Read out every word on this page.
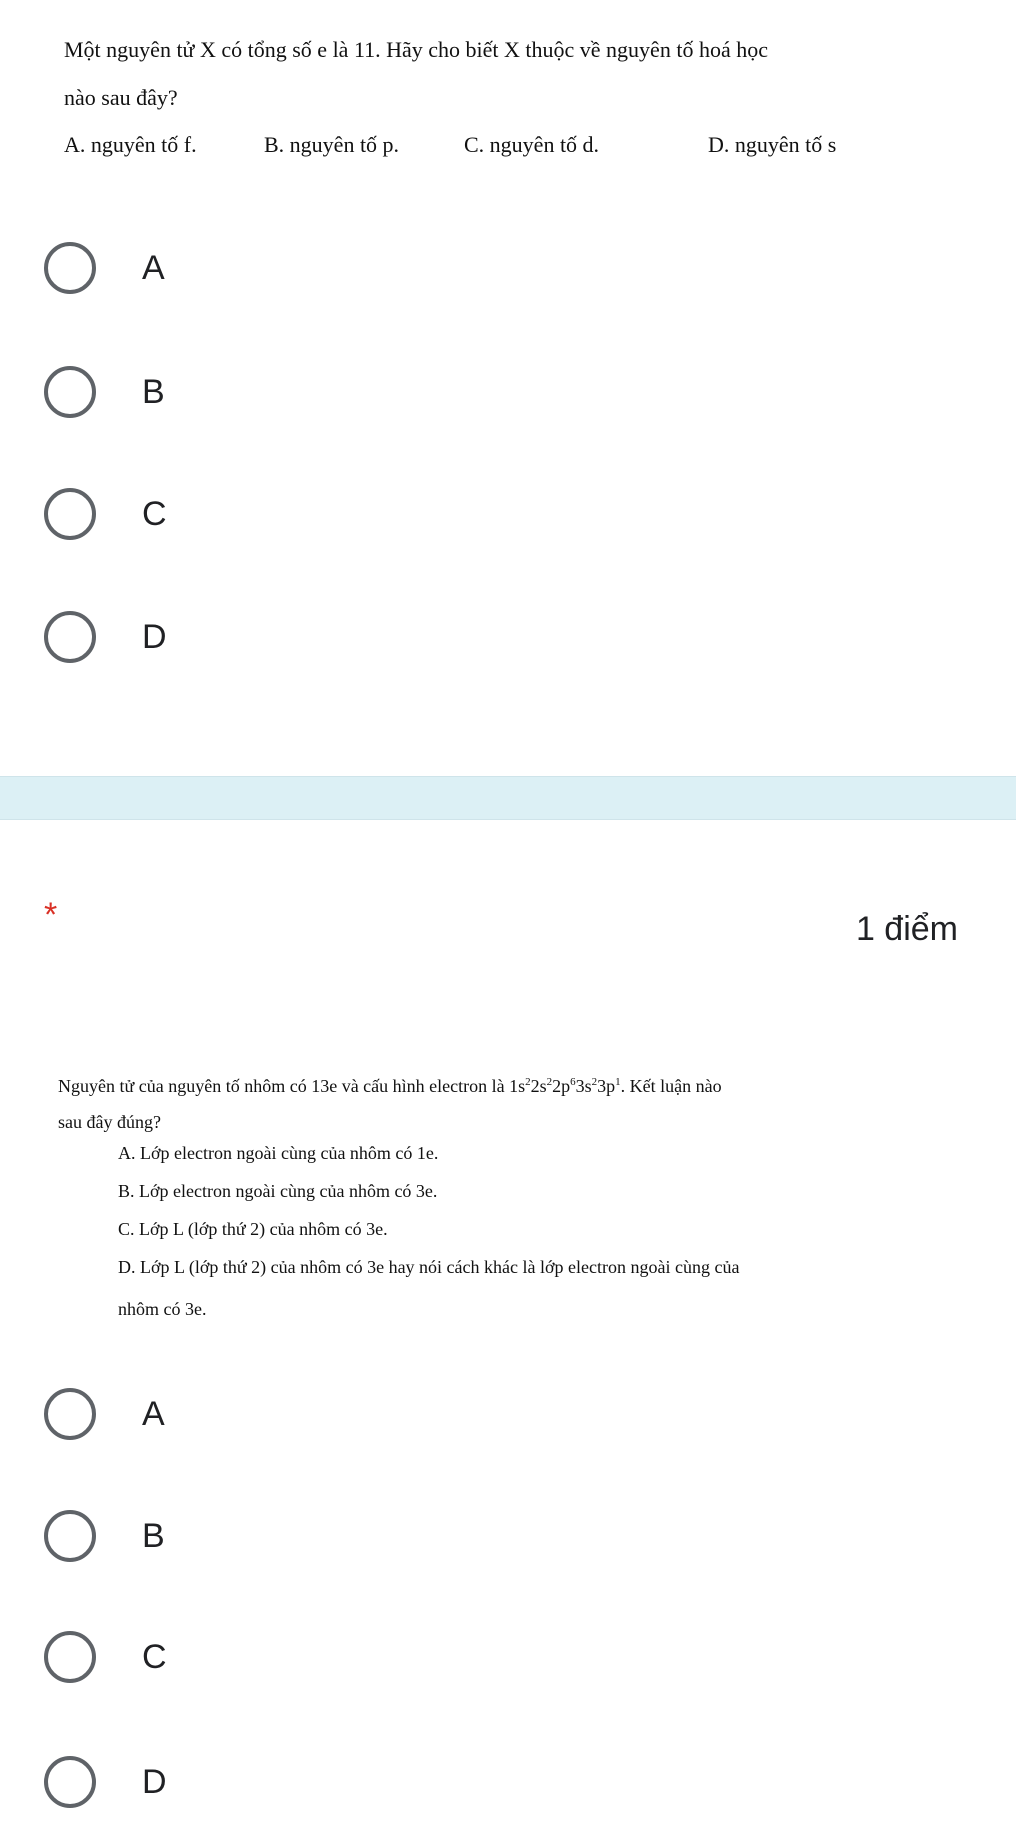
Một nguyên tử X có tổng số e là 11. Hãy cho biết X thuộc về nguyên tố hoá học
nào sau đây?
A. nguyên tố f.	B. nguyên tố p.	C. nguyên tố d.	D. nguyên tố s
A
B
C
D
*	1 điểm
Nguyên tử của nguyên tố nhôm có 13e và cấu hình electron là $1s^22s^22p^63s^23p^1$. Kết luận nào
sau đây đúng?
A. Lớp electron ngoài cùng của nhôm có 1e.
B. Lớp electron ngoài cùng của nhôm có 3e.
C. Lớp L (lớp thứ 2) của nhôm có 3e.
D. Lớp L (lớp thứ 2) của nhôm có 3e hay nói cách khác là lớp electron ngoài cùng của
nhôm có 3e.
A
B
C
D
